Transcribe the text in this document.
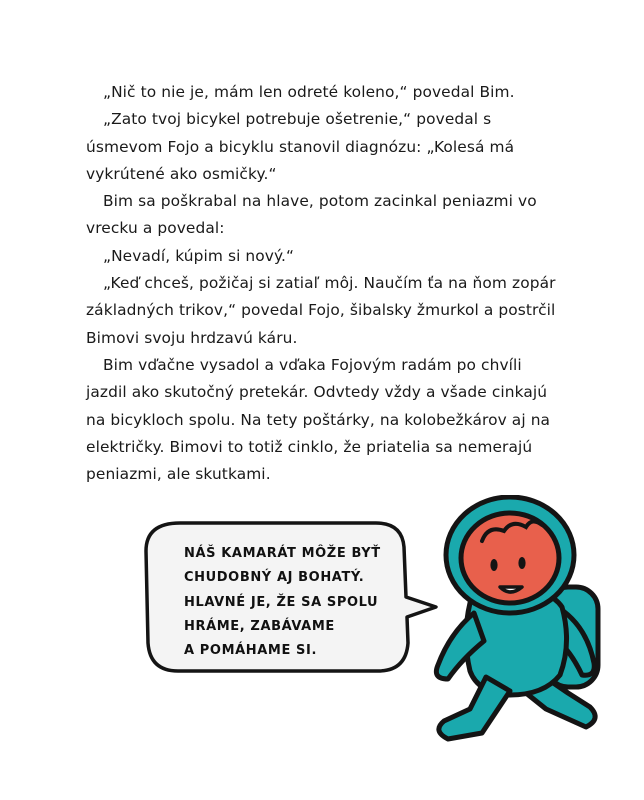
„Nič to nie je, mám len odreté koleno,“ povedal Bim.

„Zato tvoj bicykel potrebuje ošetrenie,“ povedal s úsmevom Fojo a bicyklu stanovil diagnózu: „Kolesá má vykrútené ako osmičky.“

Bim sa poškrabal na hlave, potom zacinkal peniazmi vo vrecku a povedal:

„Nevadí, kúpim si nový.“

„Keď chceš, požičaj si zatiaľ môj. Naučím ťa na ňom zopár základných trikov,“ povedal Fojo, šibalsky žmurkol a postrčil Bimovi svoju hrdzavú káru.

Bim vďačne vysadol a vďaka Fojovým radám po chvíli jazdil ako skutočný pretekár. Odvtedy vždy a všade cinkajú na bicykloch spolu. Na tety poštárky, na kolobežkárov aj na električky. Bimovi to totiž cinklo, že priatelia sa nemerajú peniazmi, ale skutkami.

NÁŠ KAMARÁT MÔŽE BYŤ
CHUDOBNÝ AJ BOHATÝ.
HLAVNÉ JE, ŽE SA SPOLU
HRÁME, ZABÁVAME
A POMÁHAME SI.
